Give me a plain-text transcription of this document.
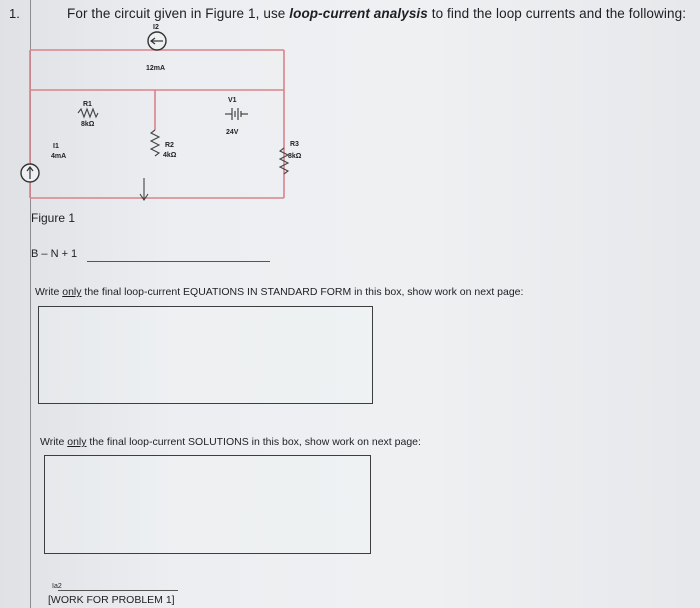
1.	For the circuit given in Figure 1, use loop-current analysis to find the loop currents and the following:
I2
12mA
R1
8kΩ
V1
24V
I1
4mA
R2
4kΩ
R3
8kΩ
Figure 1
B – N + 1
Write only the final loop-current EQUATIONS IN STANDARD FORM in this box, show work on next page:
Write only the final loop-current SOLUTIONS in this box, show work on next page:
Ia2
[WORK FOR PROBLEM 1]
